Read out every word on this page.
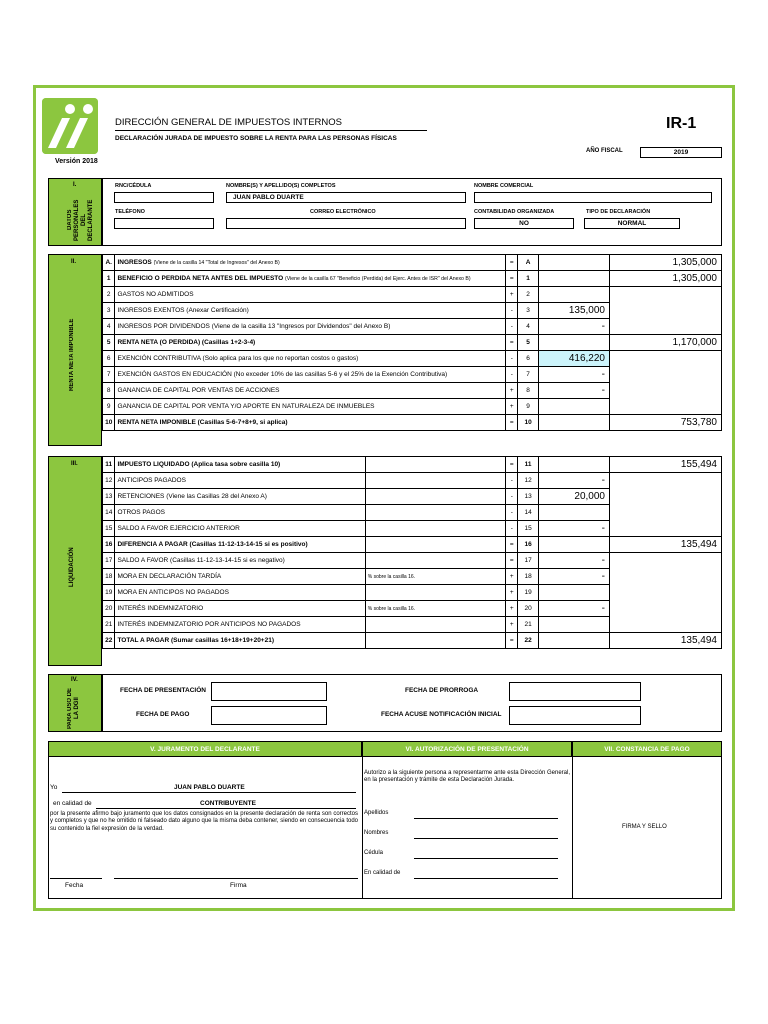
Versión 2018
DIRECCIÓN GENERAL DE IMPUESTOS INTERNOS
DECLARACIÓN JURADA DE IMPUESTO SOBRE LA RENTA PARA LAS PERSONAS FÍSICAS
IR-1
AÑO FISCAL	2019
I.
DATOS PERSONALES DEL DECLARANTE
RNC/CÉDULA	NOMBRE(S) Y APELLIDO(S) COMPLETOS
JUAN PABLO DUARTE
NOMBRE COMERCIAL
TELÉFONO	CORREO ELECTRÓNICO	CONTABILIDAD ORGANIZADA
NO
TIPO DE DECLARACIÓN
NORMAL
II.
RENTA NETA IMPONIBLE
A.	INGRESOS (Viene de la casilla 14 "Total de Ingresos" del Anexo B)	=	A		1,305,000
1	BENEFICIO O PERDIDA NETA ANTES DEL IMPUESTO (Viene de la casilla 67 "Beneficio (Perdida) del Ejerc. Antes de ISR" del Anexo B)	=	1		1,305,000
2	GASTOS NO ADMITIDOS	+	2		
3	INGRESOS EXENTOS (Anexar Certificación)	-	3	135,000	
4	INGRESOS POR DIVIDENDOS (Viene de la casilla 13 "Ingresos por Dividendos" del Anexo B)	-	4	-	
5	RENTA NETA (O PERDIDA) (Casillas 1+2-3-4)	=	5		1,170,000
6	EXENCIÓN CONTRIBUTIVA (Solo aplica para los que no reportan costos o gastos)	-	6	416,220	
7	EXENCIÓN GASTOS EN EDUCACIÓN (No exceder 10% de las casillas 5-6 y el 25% de la Exención Contributiva)	-	7	-	
8	GANANCIA DE CAPITAL POR VENTAS DE ACCIONES	+	8	-	
9	GANANCIA DE CAPITAL POR VENTA Y/O APORTE EN NATURALEZA DE INMUEBLES	+	9		
10	RENTA NETA IMPONIBLE (Casillas 5-6-7+8+9, si aplica)	=	10		753,780
III.
LIQUIDACIÓN
11	IMPUESTO LIQUIDADO (Aplica tasa sobre casilla 10)		=	11		155,494
12	ANTICIPOS PAGADOS		-	12	-	
13	RETENCIONES (Viene las Casillas 28 del Anexo A)		-	13	20,000	
14	OTROS PAGOS		-	14		
15	SALDO A FAVOR EJERCICIO ANTERIOR		-	15	-	
16	DIFERENCIA A PAGAR (Casillas 11-12-13-14-15 si es positivo)		=	16		135,494
17	SALDO A FAVOR (Casillas 11-12-13-14-15 si es negativo)		=	17	-	
18	MORA EN DECLARACIÓN TARDÍA	% sobre la casilla 16.	+	18	-	
19	MORA EN ANTICIPOS NO PAGADOS		+	19		
20	INTERÉS INDEMNIZATORIO	% sobre la casilla 16.	+	20	-	
21	INTERÉS INDEMNIZATORIO POR ANTICIPOS NO PAGADOS		+	21		
22	TOTAL A PAGAR (Sumar casillas 16+18+19+20+21)		=	22		135,494
IV.
PARA USO DE LA DGII
FECHA DE PRESENTACIÓN	FECHA DE PRORROGA
FECHA DE PAGO	FECHA ACUSE NOTIFICACIÓN INICIAL
V. JURAMENTO DEL DECLARANTE	VI. AUTORIZACIÓN DE PRESENTACIÓN	VII. CONSTANCIA DE PAGO
Yo	JUAN PABLO DUARTE
en calidad de	CONTRIBUYENTE
por la presente afirmo bajo juramento que los datos consignados en la presente declaración de renta son correctos y completos y que no he omitido ni falseado dato alguno que la misma deba contener, siendo en consecuencia todo su contenido la fiel expresión de la verdad.
Fecha	Firma
Autorizo a la siguiente persona a representarme ante esta Dirección General, en la presentación y trámite de esta Declaración Jurada.
Apellidos
Nombres
Cédula
En calidad de
FIRMA Y SELLO
